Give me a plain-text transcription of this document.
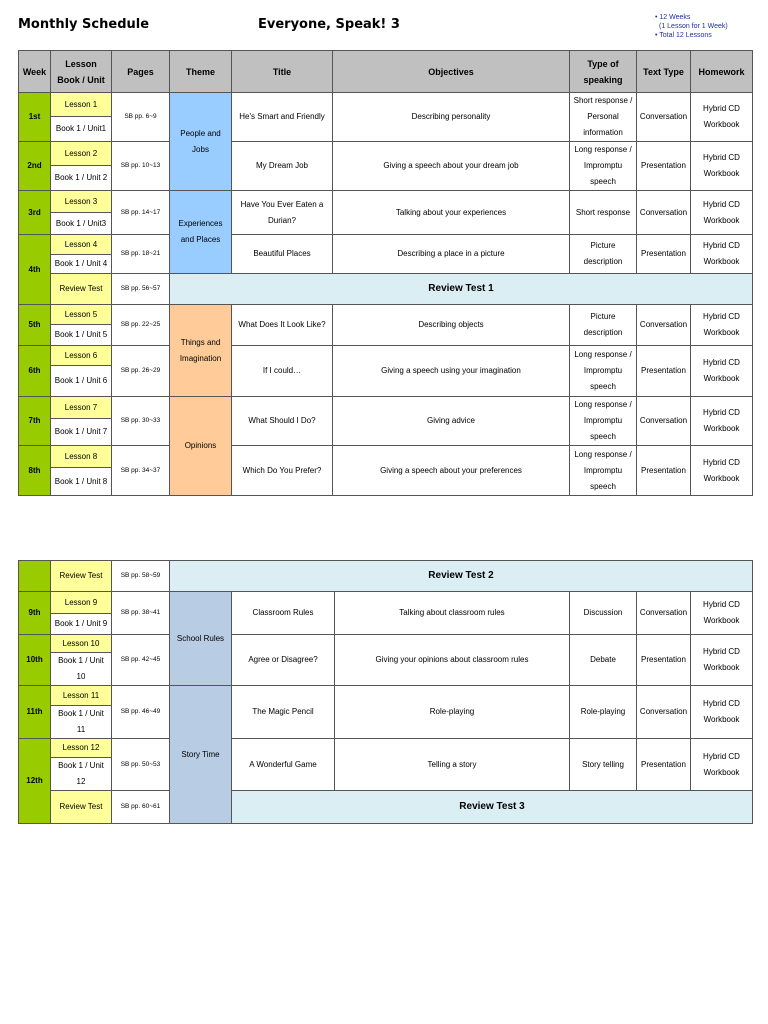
Monthly Schedule	Everyone, Speak! 3	• 12 Weeks
(1 Lesson for 1 Week)
• Total 12 Lessons
Week	Lesson Book / Unit	Pages	Theme	Title	Objectives	Type of speaking	Text Type	Homework
1st	Lesson 1	SB pp. 6~9	People and Jobs	He's Smart and Friendly	Describing personality	Short response / Personal information	Conversation	Hybrid CD Workbook
	Book 1 / Unit1							
2nd	Lesson 2	SB pp. 10~13		My Dream Job	Giving a speech about your dream job	Long response / Impromptu speech	Presentation	Hybrid CD Workbook
	Book 1 / Unit 2							
3rd	Lesson 3	SB pp. 14~17	Experiences and Places	Have You Ever Eaten a Durian?	Talking about your experiences	Short response	Conversation	Hybrid CD Workbook
	Book 1 / Unit3							
4th	Lesson 4	SB pp. 18~21		Beautiful Places	Describing a place in a picture	Picture description	Presentation	Hybrid CD Workbook
	Book 1 / Unit 4							
	Review Test	SB pp. 56~57	Review Test 1					
5th	Lesson 5	SB pp. 22~25	Things and Imagination	What Does It Look Like?	Describing objects	Picture description	Conversation	Hybrid CD Workbook
	Book 1 / Unit 5							
6th	Lesson 6	SB pp. 26~29		If I could…	Giving a speech using your imagination	Long response / Impromptu speech	Presentation	Hybrid CD Workbook
	Book 1 / Unit 6							
7th	Lesson 7	SB pp. 30~33	Opinions	What Should I Do?	Giving advice	Long response / Impromptu speech	Conversation	Hybrid CD Workbook
	Book 1 / Unit 7							
8th	Lesson 8	SB pp. 34~37		Which Do You Prefer?	Giving a speech about your preferences	Long response / Impromptu speech	Presentation	Hybrid CD Workbook
	Book 1 / Unit 8							
	Review Test	SB pp. 58~59	Review Test 2					
9th	Lesson 9	SB pp. 38~41	School Rules	Classroom Rules	Talking about classroom rules	Discussion	Conversation	Hybrid CD Workbook
	Book 1 / Unit 9							
10th	Lesson 10	SB pp. 42~45		Agree or Disagree?	Giving your opinions about classroom rules	Debate	Presentation	Hybrid CD Workbook
	Book 1 / Unit 10							
11th	Lesson 11	SB pp. 46~49	Story Time	The Magic Pencil	Role-playing	Role-playing	Conversation	Hybrid CD Workbook
	Book 1 / Unit 11							
12th	Lesson 12	SB pp. 50~53		A Wonderful Game	Telling a story	Story telling	Presentation	Hybrid CD Workbook
	Book 1 / Unit 12							
	Review Test	SB pp. 60~61		Review Test 3				
